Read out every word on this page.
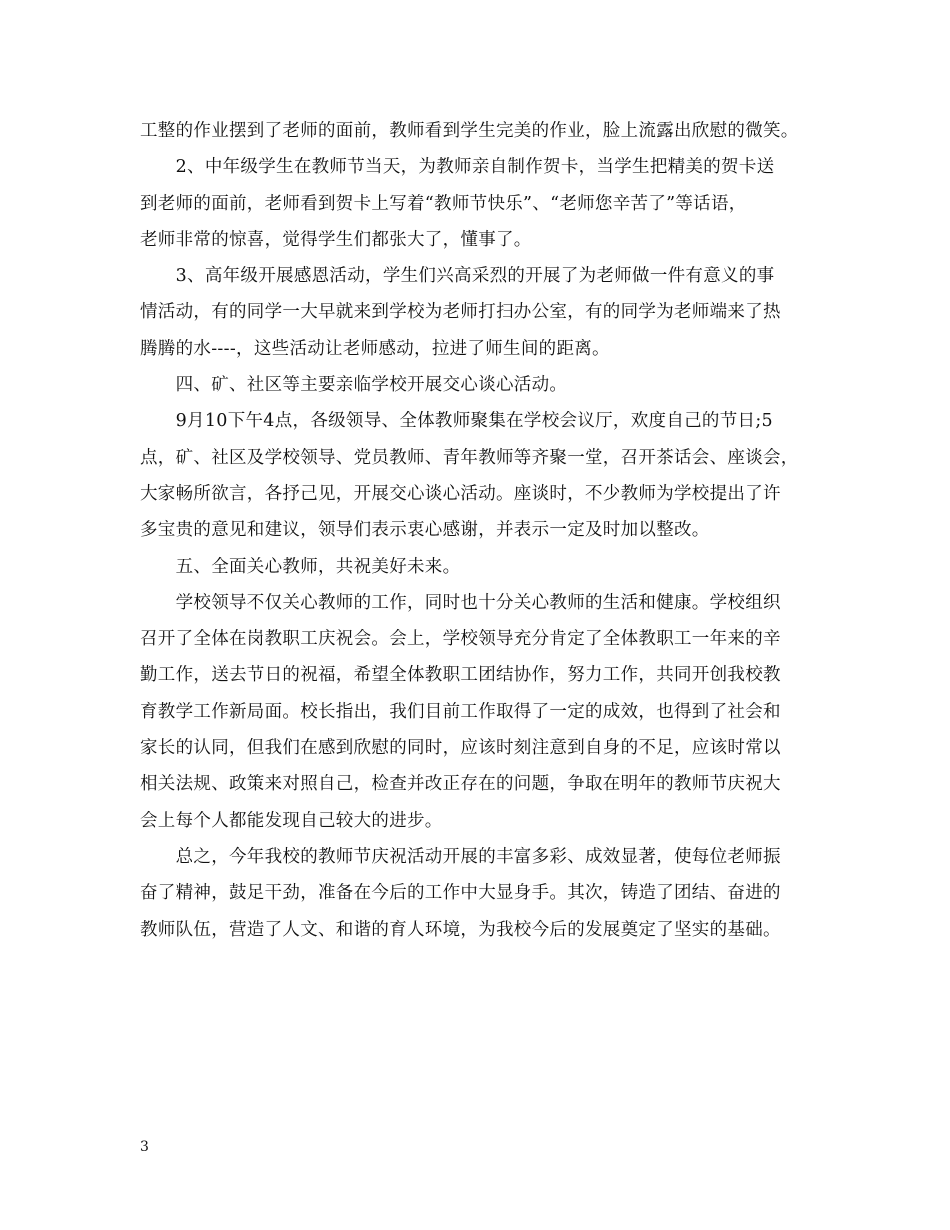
工整的作业摆到了老师的面前，教师看到学生完美的作业，脸上流露出欣慰的微笑。
　　2、中年级学生在教师节当天，为教师亲自制作贺卡，当学生把精美的贺卡送
到老师的面前，老师看到贺卡上写着“教师节快乐”、“老师您辛苦了”等话语，
老师非常的惊喜，觉得学生们都张大了，懂事了。
　　3、高年级开展感恩活动，学生们兴高采烈的开展了为老师做一件有意义的事
情活动，有的同学一大早就来到学校为老师打扫办公室，有的同学为老师端来了热
腾腾的水----，这些活动让老师感动，拉进了师生间的距离。
　　四、矿、社区等主要亲临学校开展交心谈心活动。
　　9月10下午4点，各级领导、全体教师聚集在学校会议厅，欢度自己的节日;5
点，矿、社区及学校领导、党员教师、青年教师等齐聚一堂，召开茶话会、座谈会，
大家畅所欲言，各抒己见，开展交心谈心活动。座谈时，不少教师为学校提出了许
多宝贵的意见和建议，领导们表示衷心感谢，并表示一定及时加以整改。
　　五、全面关心教师，共祝美好未来。
　　学校领导不仅关心教师的工作，同时也十分关心教师的生活和健康。学校组织
召开了全体在岗教职工庆祝会。会上，学校领导充分肯定了全体教职工一年来的辛
勤工作，送去节日的祝福，希望全体教职工团结协作，努力工作，共同开创我校教
育教学工作新局面。校长指出，我们目前工作取得了一定的成效，也得到了社会和
家长的认同，但我们在感到欣慰的同时，应该时刻注意到自身的不足，应该时常以
相关法规、政策来对照自己，检查并改正存在的问题，争取在明年的教师节庆祝大
会上每个人都能发现自己较大的进步。
　　总之，今年我校的教师节庆祝活动开展的丰富多彩、成效显著，使每位老师振
奋了精神，鼓足干劲，准备在今后的工作中大显身手。其次，铸造了团结、奋进的
教师队伍，营造了人文、和谐的育人环境，为我校今后的发展奠定了坚实的基础。
3
